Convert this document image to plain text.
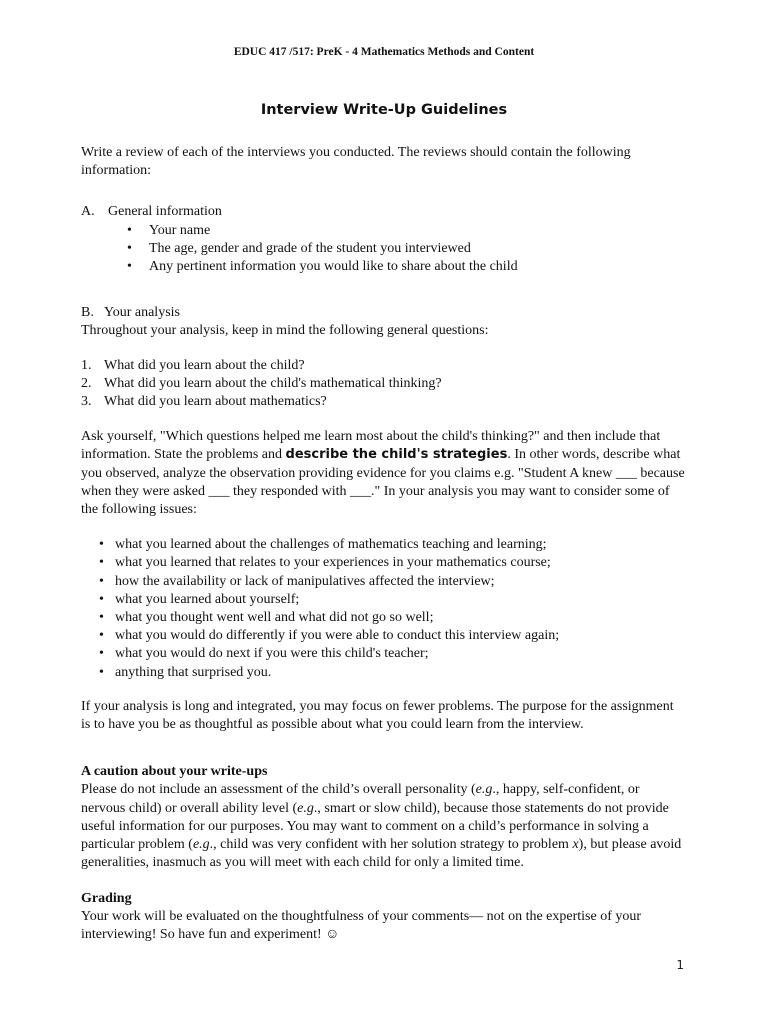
EDUC 417 /517: PreK - 4 Mathematics Methods and Content
Interview Write-Up Guidelines

Write a review of each of the interviews you conducted. The reviews should contain the following information:

A. General information

• Your name
• The age, gender and grade of the student you interviewed
• Any pertinent information you would like to share about the child

B. Your analysis

Throughout your analysis, keep in mind the following general questions:

1. What did you learn about the child?
2. What did you learn about the child's mathematical thinking?
3. What did you learn about mathematics?

Ask yourself, "Which questions helped me learn most about the child's thinking?" and then include that information. State the problems and describe the child's strategies. In other words, describe what you observed, analyze the observation providing evidence for you claims e.g. "Student A knew ___ because when they were asked ___ they responded with ___." In your analysis you may want to consider some of the following issues:

• what you learned about the challenges of mathematics teaching and learning;
• what you learned that relates to your experiences in your mathematics course;
• how the availability or lack of manipulatives affected the interview;
• what you learned about yourself;
• what you thought went well and what did not go so well;
• what you would do differently if you were able to conduct this interview again;
• what you would do next if you were this child's teacher;
• anything that surprised you.

If your analysis is long and integrated, you may focus on fewer problems. The purpose for the assignment is to have you be as thoughtful as possible about what you could learn from the interview.

A caution about your write-ups

Please do not include an assessment of the child’s overall personality (e.g., happy, self-confident, or nervous child) or overall ability level (e.g., smart or slow child), because those statements do not provide useful information for our purposes. You may want to comment on a child’s performance in solving a particular problem (e.g., child was very confident with her solution strategy to problem x), but please avoid generalities, inasmuch as you will meet with each child for only a limited time.

Grading

Your work will be evaluated on the thoughtfulness of your comments— not on the expertise of your interviewing! So have fun and experiment! ☺

1
